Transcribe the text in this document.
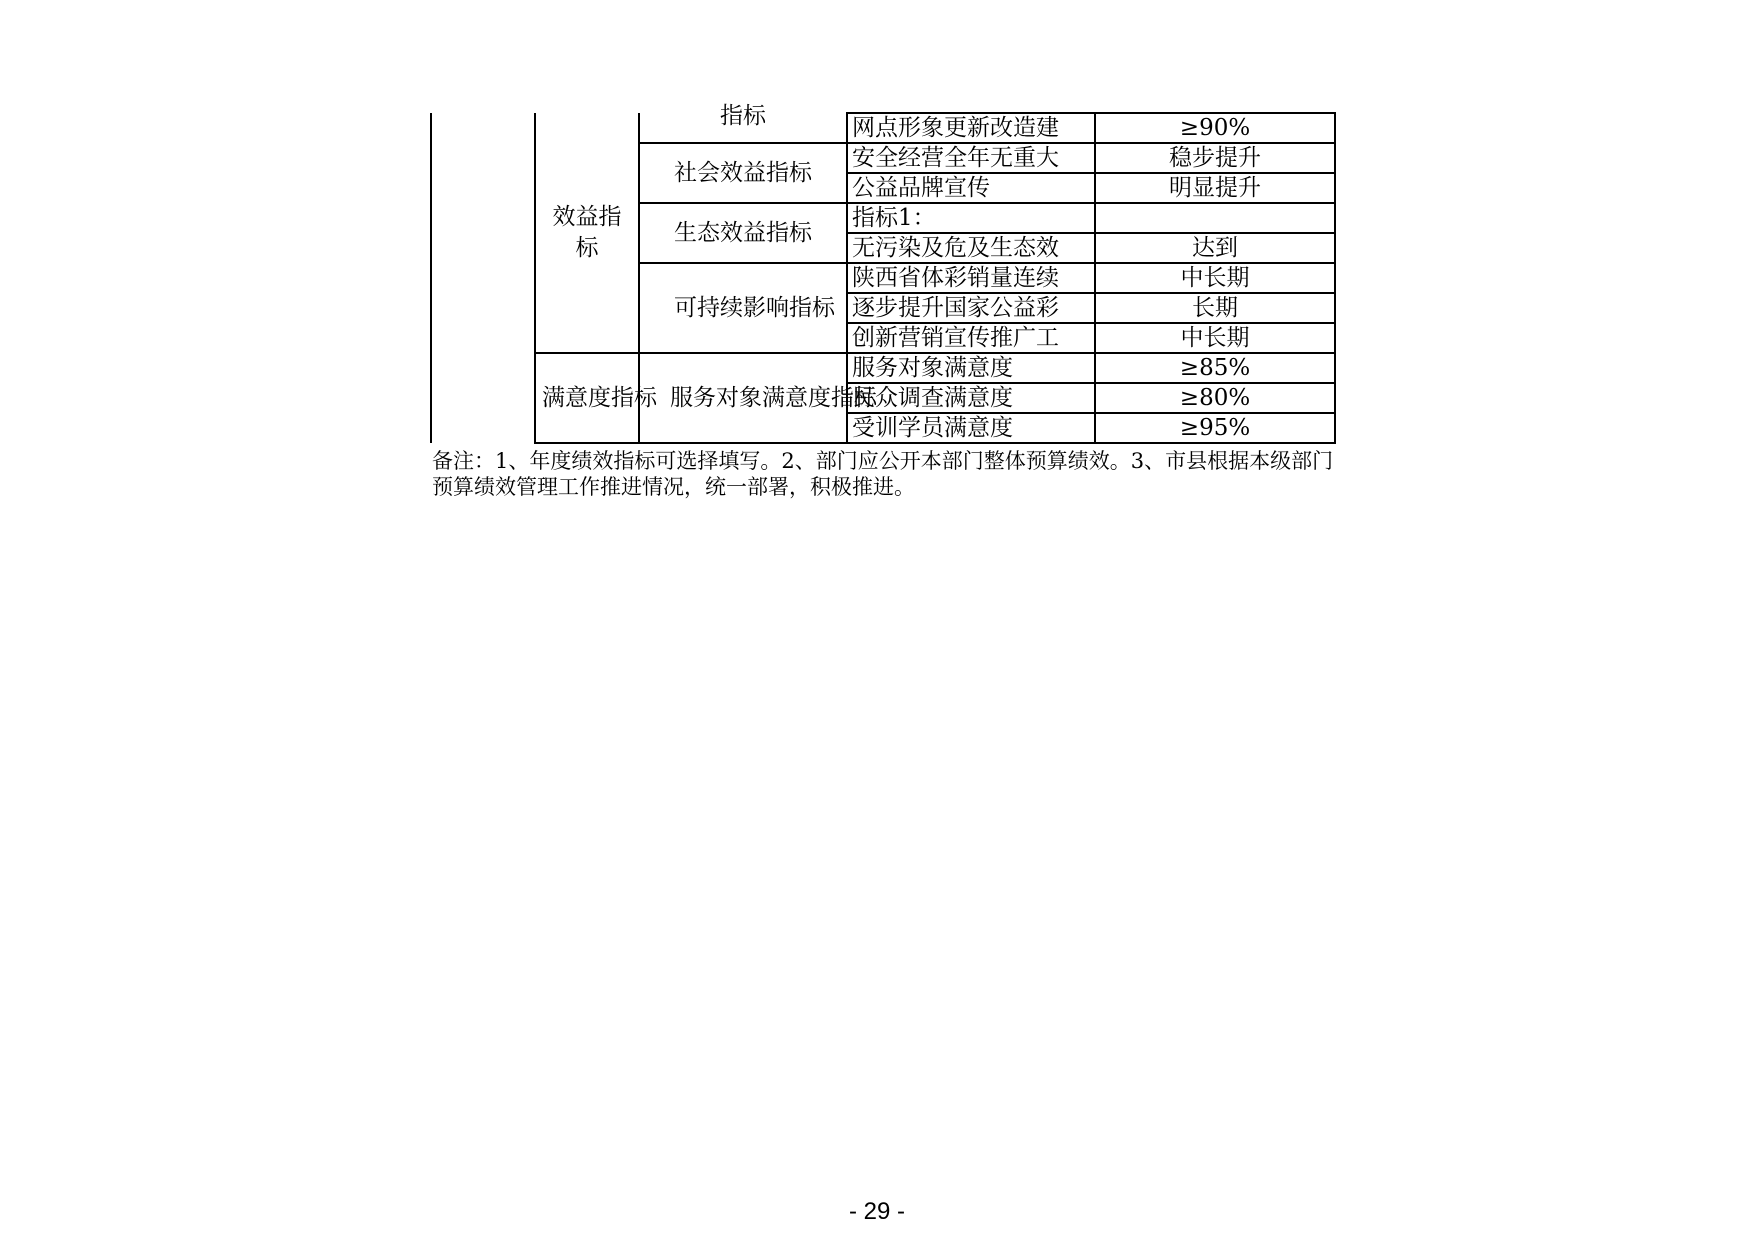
	效益指标	指标	网点形象更新改造建	≥90%

		社会效益指标	安全经营全年无重大	稳步提升
			公益品牌宣传	明显提升

		生态效益指标	指标1：	
			无污染及危及生态效	达到

		可持续影响指标	陕西省体彩销量连续	中长期
			逐步提升国家公益彩	长期
			创新营销宣传推广工	中长期

	满意度指标	服务对象满意度指标	服务对象满意度	≥85%
			民众调查满意度	≥80%
			受训学员满意度	≥95%

备注：1、年度绩效指标可选择填写。2、部门应公开本部门整体预算绩效。3、市县根据本级部门

预算绩效管理工作推进情况，统一部署，积极推进。

- 29 -
